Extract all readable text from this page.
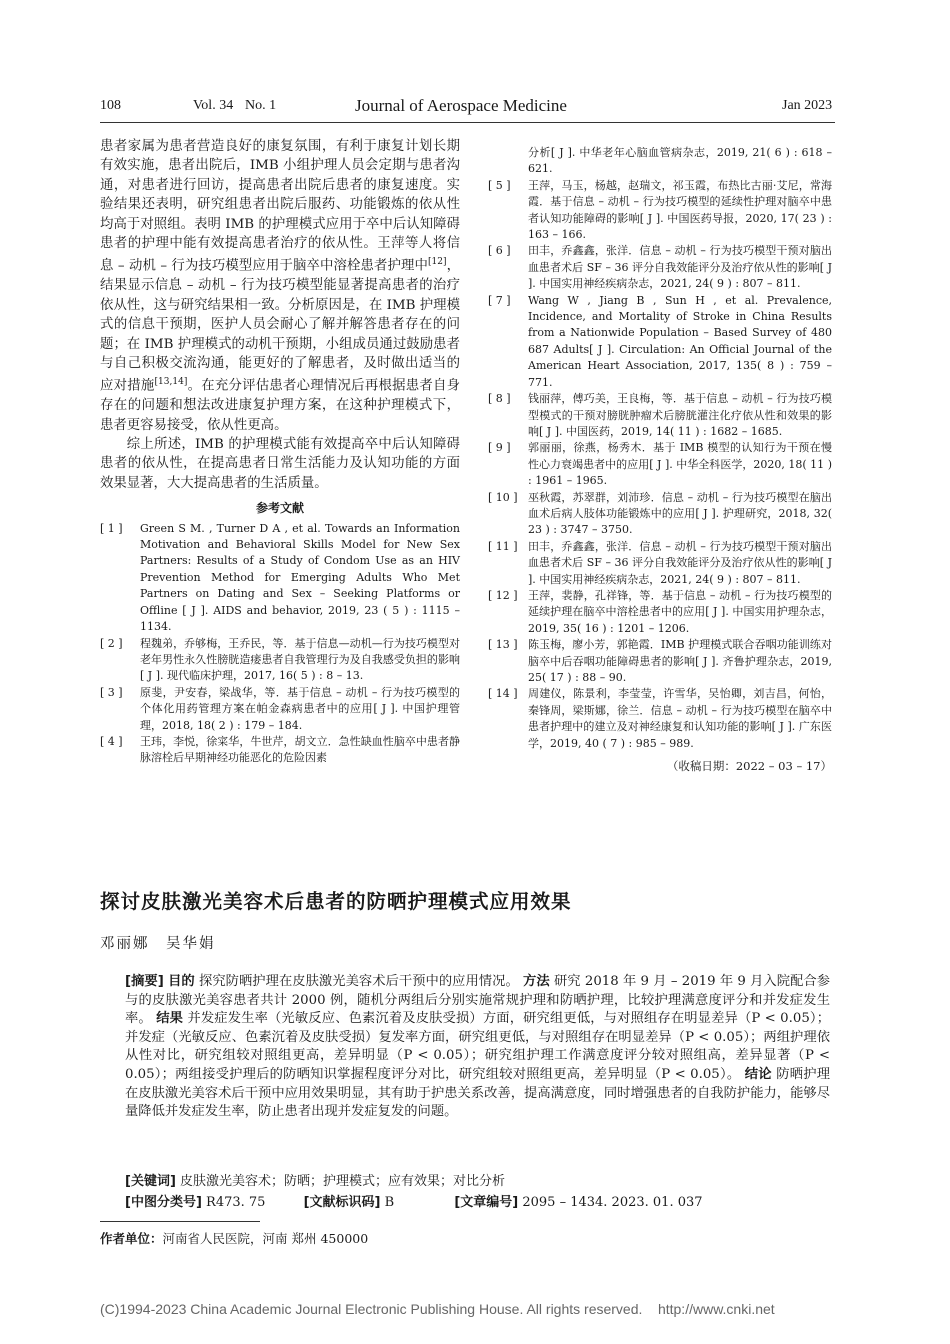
108	Vol. 34 No. 1	Journal of Aerospace Medicine	Jan 2023

患者家属为患者营造良好的康复氛围，有利于康复计划长期有效实施，患者出院后，IMB 小组护理人员会定期与患者沟通，对患者进行回访，提高患者出院后患者的康复速度。实验结果还表明，研究组患者出院后服药、功能锻炼的依从性均高于对照组。表明 IMB 的护理模式应用于卒中后认知障碍患者的护理中能有效提高患者治疗的依从性。王萍等人将信息 – 动机 – 行为技巧模型应用于脑卒中溶栓患者护理中[12]，结果显示信息 – 动机 – 行为技巧模型能显著提高患者的治疗依从性，这与研究结果相一致。分析原因是，在 IMB 护理模式的信息干预期，医护人员会耐心了解并解答患者存在的问题；在 IMB 护理模式的动机干预期，小组成员通过鼓励患者与自己积极交流沟通，能更好的了解患者，及时做出适当的应对措施[13,14]。在充分评估患者心理情况后再根据患者自身存在的问题和想法改进康复护理方案，在这种护理模式下，患者更容易接受，依从性更高。

综上所述，IMB 的护理模式能有效提高卒中后认知障碍患者的依从性，在提高患者日常生活能力及认知功能的方面效果显著，大大提高患者的生活质量。

参考文献
[ 1 ]	Green S M. , Turner D A , et al. Towards an Information Motivation and Behavioral Skills Model for New Sex Partners: Results of a Study of Condom Use as an HIV Prevention Method for Emerging Adults Who Met Partners on Dating and Sex – Seeking Platforms or Offline [ J ]. AIDS and behavior, 2019, 23 ( 5 ) : 1115 – 1134.
[ 2 ]	程魏弟，乔够梅，王乔民，等．基于信息—动机—行为技巧模型对老年男性永久性膀胱造瘘患者自我管理行为及自我感受负担的影响[ J ]. 现代临床护理，2017, 16( 5 ) : 8 – 13.
[ 3 ]	原斐，尹安春，梁战华，等．基于信息 – 动机 – 行为技巧模型的个体化用药管理方案在帕金森病患者中的应用[ J ]. 中国护理管理，2018, 18( 2 ) : 179 – 184.
[ 4 ]	王玮，李悦，徐寀华，牛世芹，胡文立．急性缺血性脑卒中患者静脉溶栓后早期神经功能恶化的危险因素
分析[ J ]. 中华老年心脑血管病杂志，2019, 21( 6 ) : 618 – 621.
[ 5 ]	王萍，马玉，杨越，赵瑞文，祁玉霞，布热比古丽·艾尼，常海霞．基于信息 – 动机 – 行为技巧模型的延续性护理对脑卒中患者认知功能障碍的影响[ J ]. 中国医药导报，2020, 17( 23 ) : 163 – 166.
[ 6 ]	田丰，乔鑫鑫，张洋．信息 – 动机 – 行为技巧模型干预对脑出血患者术后 SF – 36 评分自我效能评分及治疗依从性的影响[ J ]. 中国实用神经疾病杂志，2021, 24( 9 ) : 807 – 811.
[ 7 ]	Wang W , Jiang B , Sun H , et al. Prevalence, Incidence, and Mortality of Stroke in China Results from a Nationwide Population – Based Survey of 480 687 Adults[ J ]. Circulation: An Official Journal of the American Heart Association, 2017, 135( 8 ) : 759 – 771.
[ 8 ]	钱丽萍，傅巧美，王良梅，等．基于信息 – 动机 – 行为技巧模型模式的干预对膀胱肿瘤术后膀胱灌注化疗依从性和效果的影响[ J ]. 中国医药，2019, 14( 11 ) : 1682 – 1685.
[ 9 ]	郭丽丽，徐燕，杨秀木．基于 IMB 模型的认知行为干预在慢性心力衰竭患者中的应用[ J ]. 中华全科医学，2020, 18( 11 ) : 1961 – 1965.
[ 10 ] 巫秋霞，苏翠群，刘沛珍．信息 – 动机 – 行为技巧模型在脑出血术后病人肢体功能锻炼中的应用[ J ]. 护理研究，2018, 32( 23 ) : 3747 – 3750.
[ 11 ] 田丰，乔鑫鑫，张洋．信息 – 动机 – 行为技巧模型干预对脑出血患者术后 SF – 36 评分自我效能评分及治疗依从性的影响[ J ]. 中国实用神经疾病杂志，2021, 24( 9 ) : 807 – 811.
[ 12 ] 王萍，裴静，孔祥锋，等．基于信息 – 动机 – 行为技巧模型的延续护理在脑卒中溶栓患者中的应用[ J ]. 中国实用护理杂志，2019, 35( 16 ) : 1201 – 1206.
[ 13 ] 陈玉梅，廖小芳，郭艳霞．IMB 护理模式联合吞咽功能训练对脑卒中后吞咽功能障碍患者的影响[ J ]. 齐鲁护理杂志，2019, 25( 17 ) : 88 – 90.
[ 14 ] 周建仪，陈景利，李莹莹，许雪华，吴怡卿，刘吉昌，何怡，秦锋周，梁斯娜，徐兰．信息 – 动机 – 行为技巧模型在脑卒中患者护理中的建立及对神经康复和认知功能的影响[ J ]. 广东医学，2019, 40 ( 7 ) : 985 – 989.
（收稿日期：2022 – 03 – 17）
探讨皮肤激光美容术后患者的防晒护理模式应用效果
邓丽娜　吴华娟
[摘要] 目的 探究防晒护理在皮肤激光美容术后干预中的应用情况。 方法 研究 2018 年 9 月 – 2019 年 9 月入院配合参与的皮肤激光美容患者共计 2000 例，随机分两组后分别实施常规护理和防晒护理，比较护理满意度评分和并发症发生率。 结果 并发症发生率（光敏反应、色素沉着及皮肤受损）方面，研究组更低，与对照组存在明显差异（P < 0.05）；并发症（光敏反应、色素沉着及皮肤受损）复发率方面，研究组更低，与对照组存在明显差异（P < 0.05）；两组护理依从性对比，研究组较对照组更高，差异明显（P < 0.05）；研究组护理工作满意度评分较对照组高，差异显著（P < 0.05）；两组接受护理后的防晒知识掌握程度评分对比，研究组较对照组更高，差异明显（P < 0.05）。 结论 防晒护理在皮肤激光美容术后干预中应用效果明显，其有助于护患关系改善，提高满意度，同时增强患者的自我防护能力，能够尽量降低并发症发生率，防止患者出现并发症复发的问题。
[关键词] 皮肤激光美容术；防晒；护理模式；应有效果；对比分析
[中图分类号] R473. 75	[文献标识码] B	[文章编号] 2095 – 1434. 2023. 01. 037
作者单位：河南省人民医院，河南 郑州 450000
(C)1994-2023 China Academic Journal Electronic Publishing House. All rights reserved.    http://www.cnki.net
